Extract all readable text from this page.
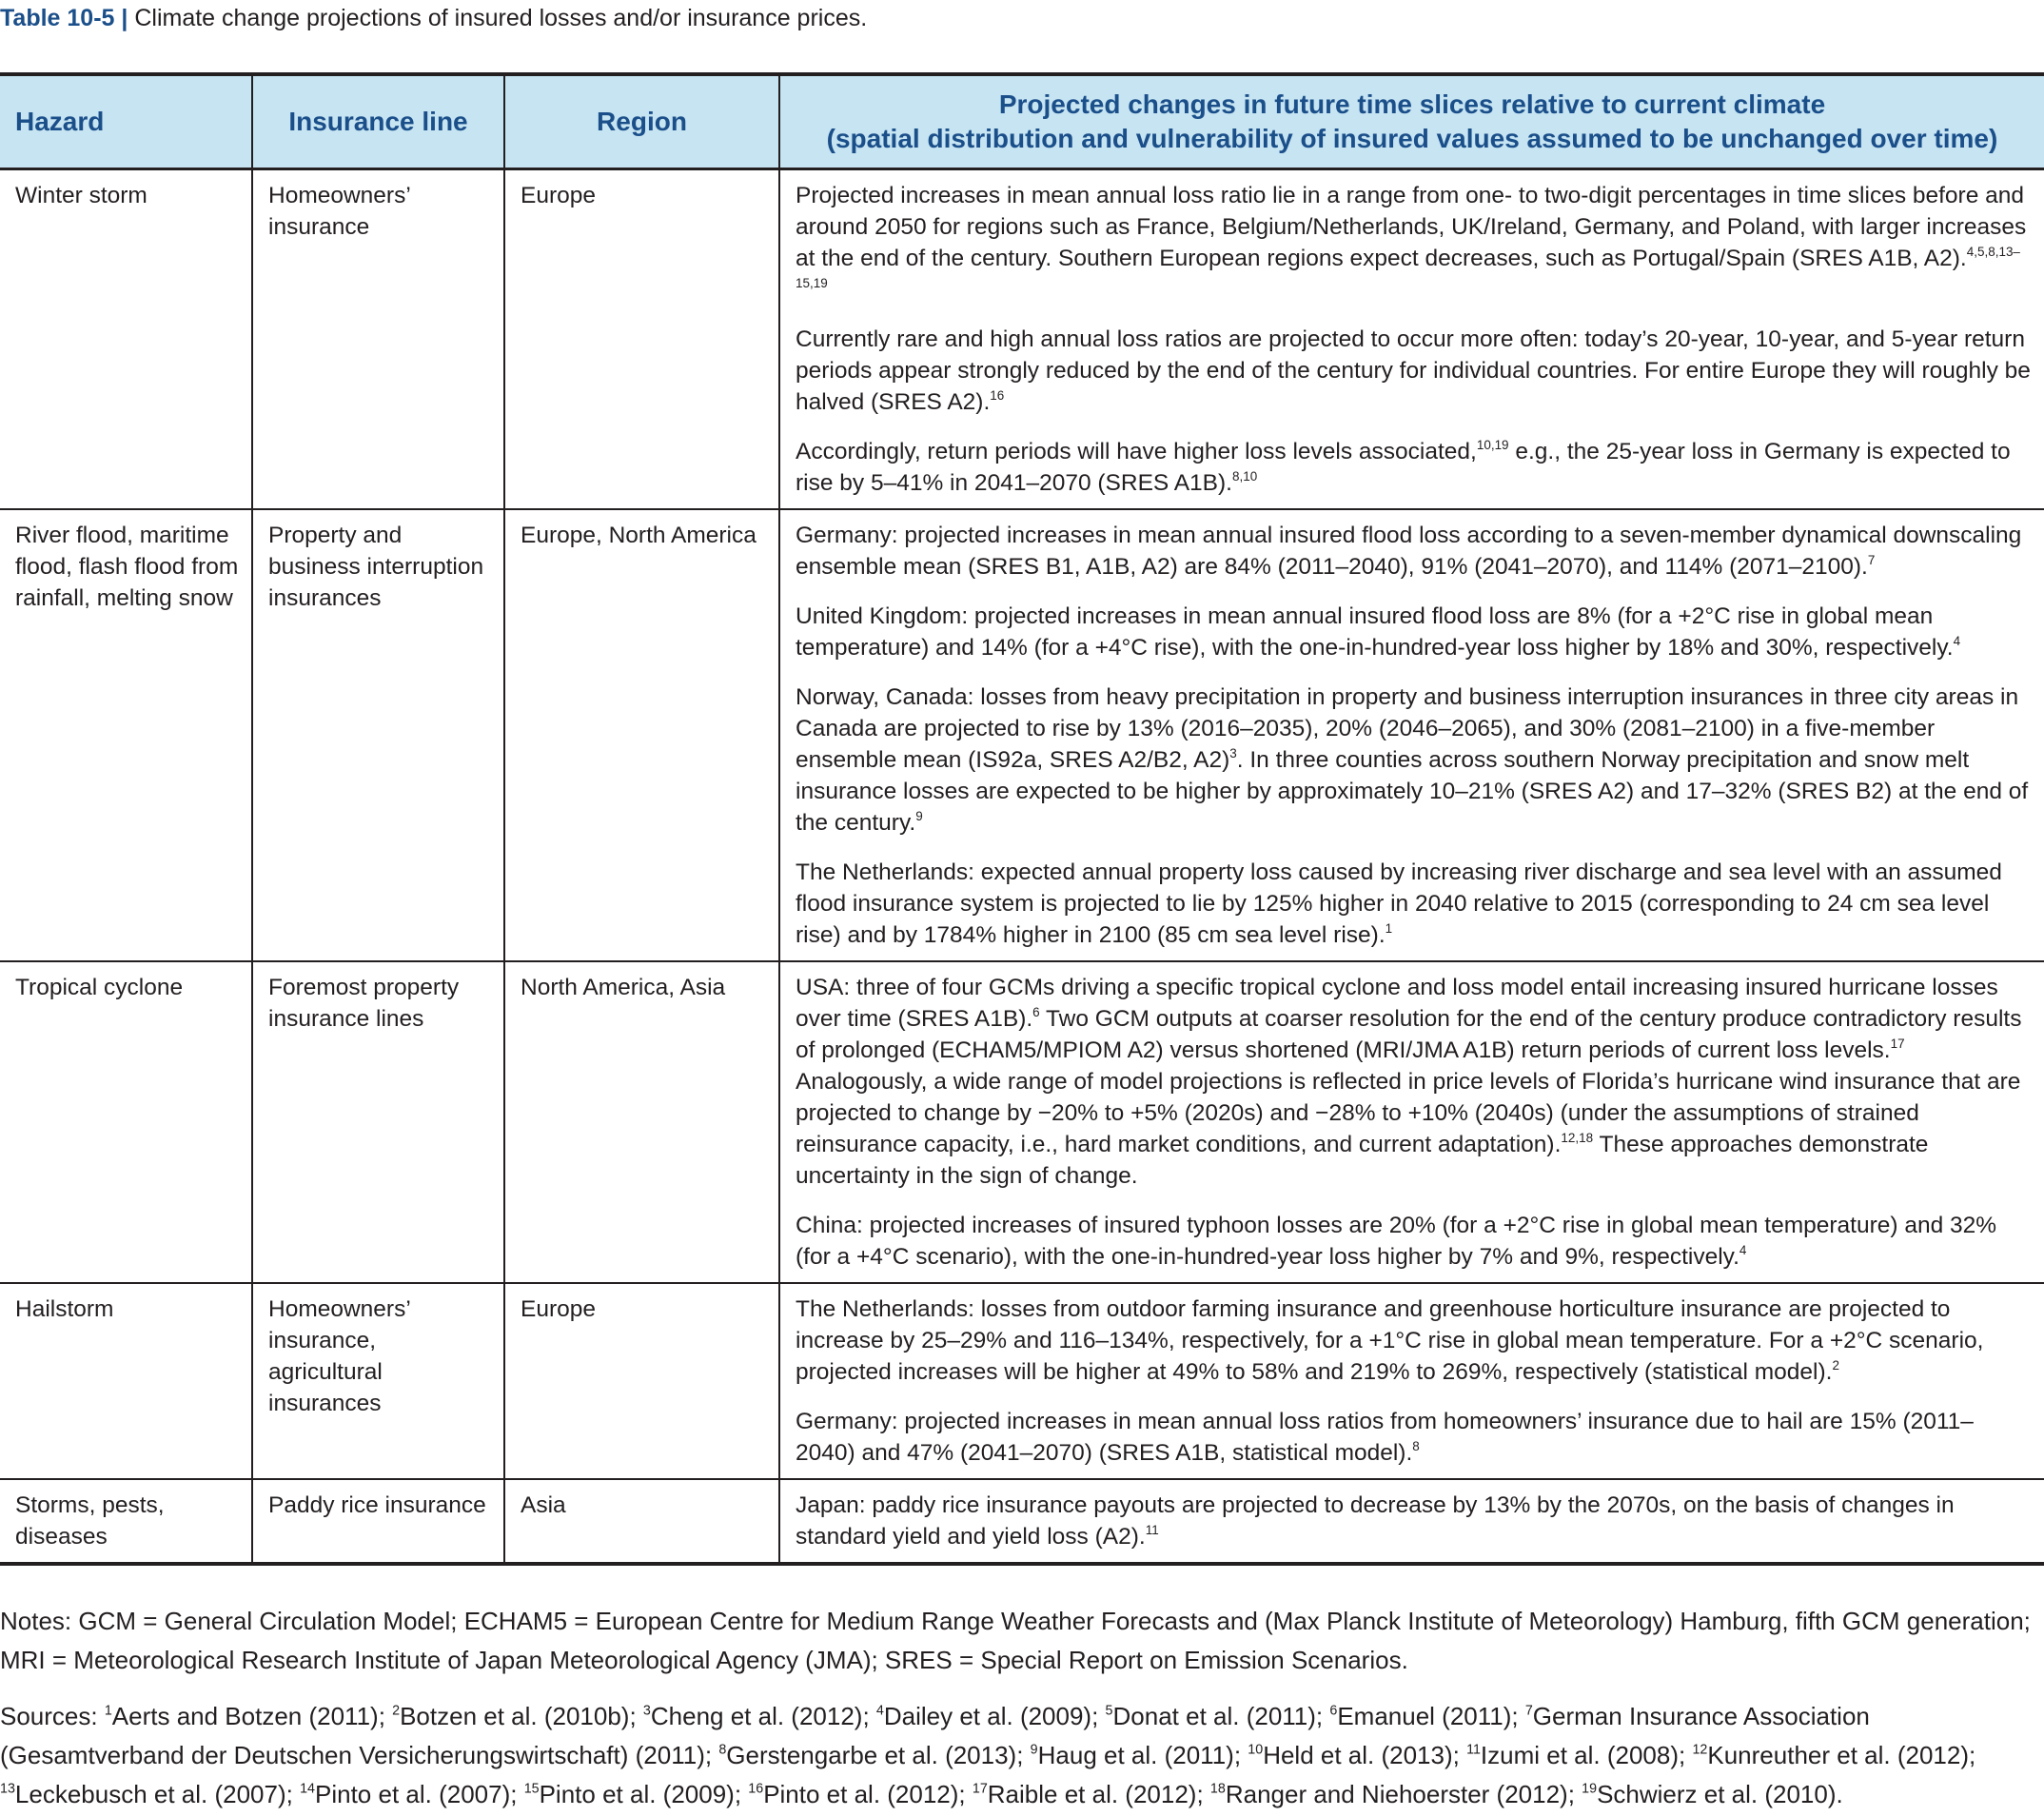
Table 10-5 | Climate change projections of insured losses and/or insurance prices.
Hazard	Insurance line	Region	Projected changes in future time slices relative to current climate
(spatial distribution and vulnerability of insured values assumed to be unchanged over time)

Winter storm	Homeowners’ insurance	Europe	Projected increases in mean annual loss ratio lie in a range from one- to two-digit percentages in time slices before and around 2050 for regions such as France, Belgium/Netherlands, UK/Ireland, Germany, and Poland, with larger increases at the end of the century. Southern European regions expect decreases, such as Portugal/Spain (SRES A1B, A2).$^{4,5,8,13-15,19}$

Currently rare and high annual loss ratios are projected to occur more often: today’s 20-year, 10-year, and 5-year return periods appear strongly reduced by the end of the century for individual countries. For entire Europe they will roughly be halved (SRES A2).$^{16}$

Accordingly, return periods will have higher loss levels associated,$^{10,19}$ e.g., the 25-year loss in Germany is expected to rise by 5–41% in 2041–2070 (SRES A1B).$^{8,10}$

River flood, maritime flood, flash flood from rainfall, melting snow	Property and business interruption insurances	Europe, North America	Germany: projected increases in mean annual insured flood loss according to a seven-member dynamical downscaling ensemble mean (SRES B1, A1B, A2) are 84% (2011–2040), 91% (2041–2070), and 114% (2071–2100).$^7$

United Kingdom: projected increases in mean annual insured flood loss are 8% (for a +2°C rise in global mean temperature) and 14% (for a +4°C rise), with the one-in-hundred-year loss higher by 18% and 30%, respectively.$^4$

Norway, Canada: losses from heavy precipitation in property and business interruption insurances in three city areas in Canada are projected to rise by 13% (2016–2035), 20% (2046–2065), and 30% (2081–2100) in a five-member ensemble mean (IS92a, SRES A2/B2, A2)$^3$. In three counties across southern Norway precipitation and snow melt insurance losses are expected to be higher by approximately 10–21% (SRES A2) and 17–32% (SRES B2) at the end of the century.$^9$

The Netherlands: expected annual property loss caused by increasing river discharge and sea level with an assumed flood insurance system is projected to lie by 125% higher in 2040 relative to 2015 (corresponding to 24 cm sea level rise) and by 1784% higher in 2100 (85 cm sea level rise).$^1$

Tropical cyclone	Foremost property insurance lines	North America, Asia	USA: three of four GCMs driving a specific tropical cyclone and loss model entail increasing insured hurricane losses over time (SRES A1B).$^6$ Two GCM outputs at coarser resolution for the end of the century produce contradictory results of prolonged (ECHAM5/MPIOM A2) versus shortened (MRI/JMA A1B) return periods of current loss levels.$^{17}$ Analogously, a wide range of model projections is reflected in price levels of Florida’s hurricane wind insurance that are projected to change by −20% to +5% (2020s) and −28% to +10% (2040s) (under the assumptions of strained reinsurance capacity, i.e., hard market conditions, and current adaptation).$^{12,18}$ These approaches demonstrate uncertainty in the sign of change.

China: projected increases of insured typhoon losses are 20% (for a +2°C rise in global mean temperature) and 32% (for a +4°C scenario), with the one-in-hundred-year loss higher by 7% and 9%, respectively.$^4$

Hailstorm	Homeowners’ insurance, agricultural insurances	Europe	The Netherlands: losses from outdoor farming insurance and greenhouse horticulture insurance are projected to increase by 25–29% and 116–134%, respectively, for a +1°C rise in global mean temperature. For a +2°C scenario, projected increases will be higher at 49% to 58% and 219% to 269%, respectively (statistical model).$^2$

Germany: projected increases in mean annual loss ratios from homeowners’ insurance due to hail are 15% (2011–2040) and 47% (2041–2070) (SRES A1B, statistical model).$^8$

Storms, pests, diseases	Paddy rice insurance	Asia	Japan: paddy rice insurance payouts are projected to decrease by 13% by the 2070s, on the basis of changes in standard yield and yield loss (A2).$^{11}$

Notes: GCM = General Circulation Model; ECHAM5 = European Centre for Medium Range Weather Forecasts and (Max Planck Institute of Meteorology) Hamburg, fifth GCM generation; MRI = Meteorological Research Institute of Japan Meteorological Agency (JMA); SRES = Special Report on Emission Scenarios.
Sources: $^1$Aerts and Botzen (2011); $^2$Botzen et al. (2010b); $^3$Cheng et al. (2012); $^4$Dailey et al. (2009); $^5$Donat et al. (2011); $^6$Emanuel (2011); $^7$German Insurance Association (Gesamtverband der Deutschen Versicherungswirtschaft) (2011); $^8$Gerstengarbe et al. (2013); $^9$Haug et al. (2011); $^{10}$Held et al. (2013); $^{11}$Izumi et al. (2008); $^{12}$Kunreuther et al. (2012); $^{13}$Leckebusch et al. (2007); $^{14}$Pinto et al. (2007); $^{15}$Pinto et al. (2009); $^{16}$Pinto et al. (2012); $^{17}$Raible et al. (2012); $^{18}$Ranger and Niehoerster (2012); $^{19}$Schwierz et al. (2010).
